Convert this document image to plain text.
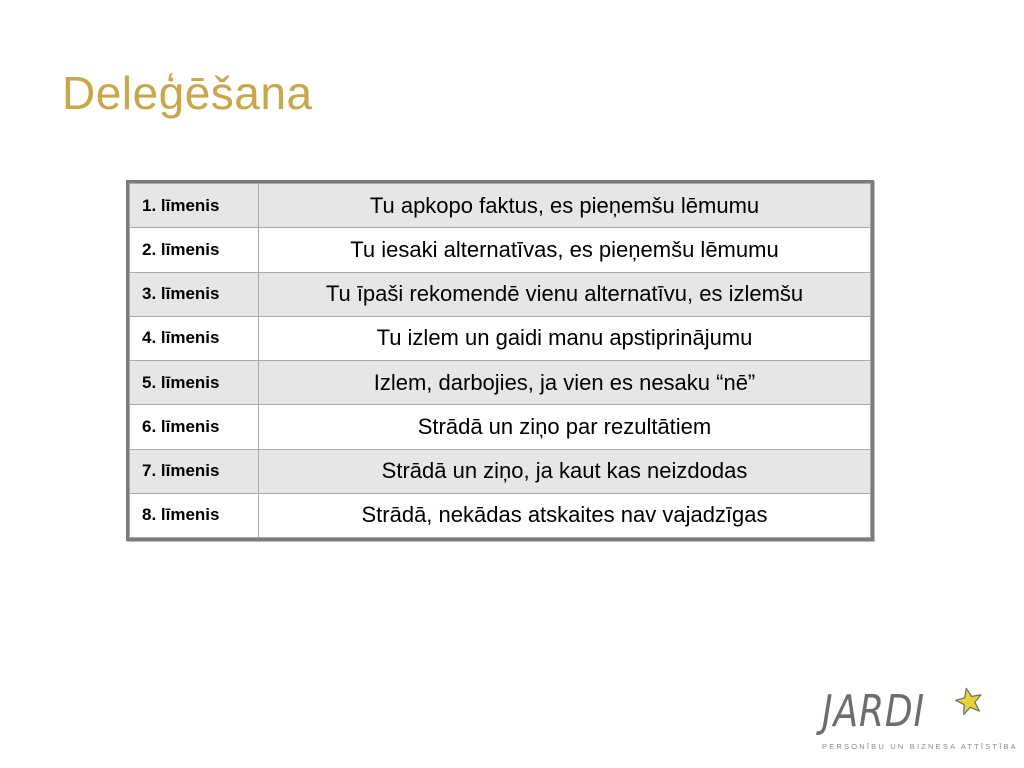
Deleģēšana
1. līmenis	Tu apkopo faktus, es pieņemšu lēmumu
2. līmenis	Tu iesaki alternatīvas, es pieņemšu lēmumu
3. līmenis	Tu īpaši rekomendē vienu alternatīvu, es izlemšu
4. līmenis	Tu izlem un gaidi manu apstiprinājumu
5. līmenis	Izlem, darbojies, ja vien es nesaku “nē”
6. līmenis	Strādā un ziņo par rezultātiem
7. līmenis	Strādā un ziņo, ja kaut kas neizdodas
8. līmenis	Strādā, nekādas atskaites nav vajadzīgas
JARDI
PERSONĪBU UN BIZNESA ATTĪSTĪBA
